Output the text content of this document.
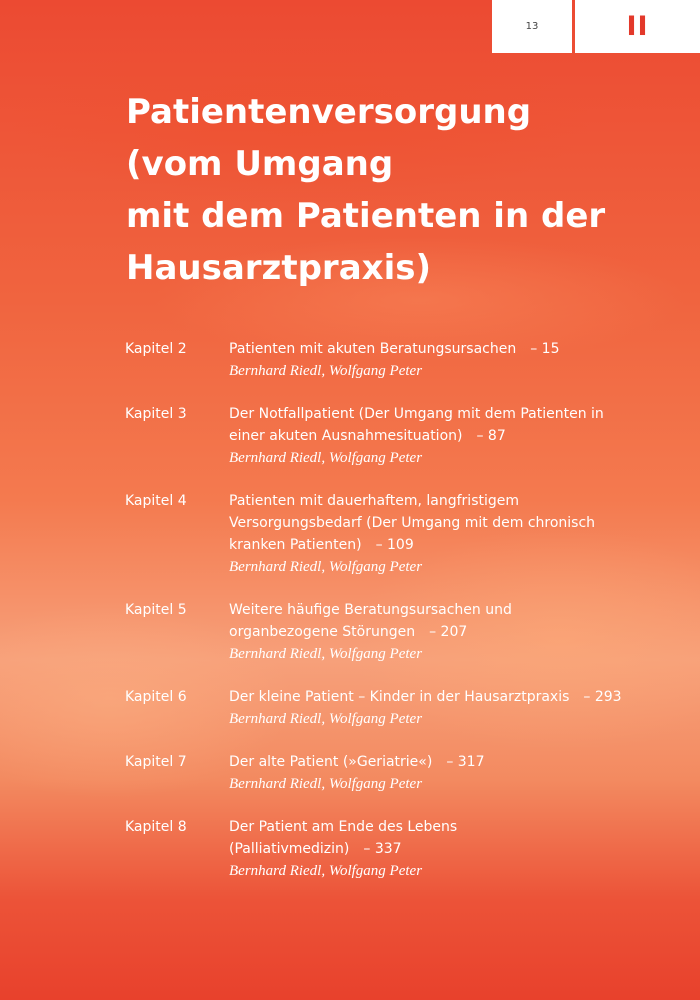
13	II
Patientenversorgung
(vom Umgang
mit dem Patienten in der
Hausarztpraxis)
Kapitel 2	Patienten mit akuten Beratungsursachen – 15
Bernhard Riedl, Wolfgang Peter
Kapitel 3	Der Notfallpatient (Der Umgang mit dem Patienten in
einer akuten Ausnahmesituation) – 87
Bernhard Riedl, Wolfgang Peter
Kapitel 4	Patienten mit dauerhaftem, langfristigem
Versorgungsbedarf (Der Umgang mit dem chronisch
kranken Patienten) – 109
Bernhard Riedl, Wolfgang Peter
Kapitel 5	Weitere häufige Beratungsursachen und
organbezogene Störungen – 207
Bernhard Riedl, Wolfgang Peter
Kapitel 6	Der kleine Patient – Kinder in der Hausarztpraxis – 293
Bernhard Riedl, Wolfgang Peter
Kapitel 7	Der alte Patient (»Geriatrie«) – 317
Bernhard Riedl, Wolfgang Peter
Kapitel 8	Der Patient am Ende des Lebens
(Palliativmedizin) – 337
Bernhard Riedl, Wolfgang Peter
